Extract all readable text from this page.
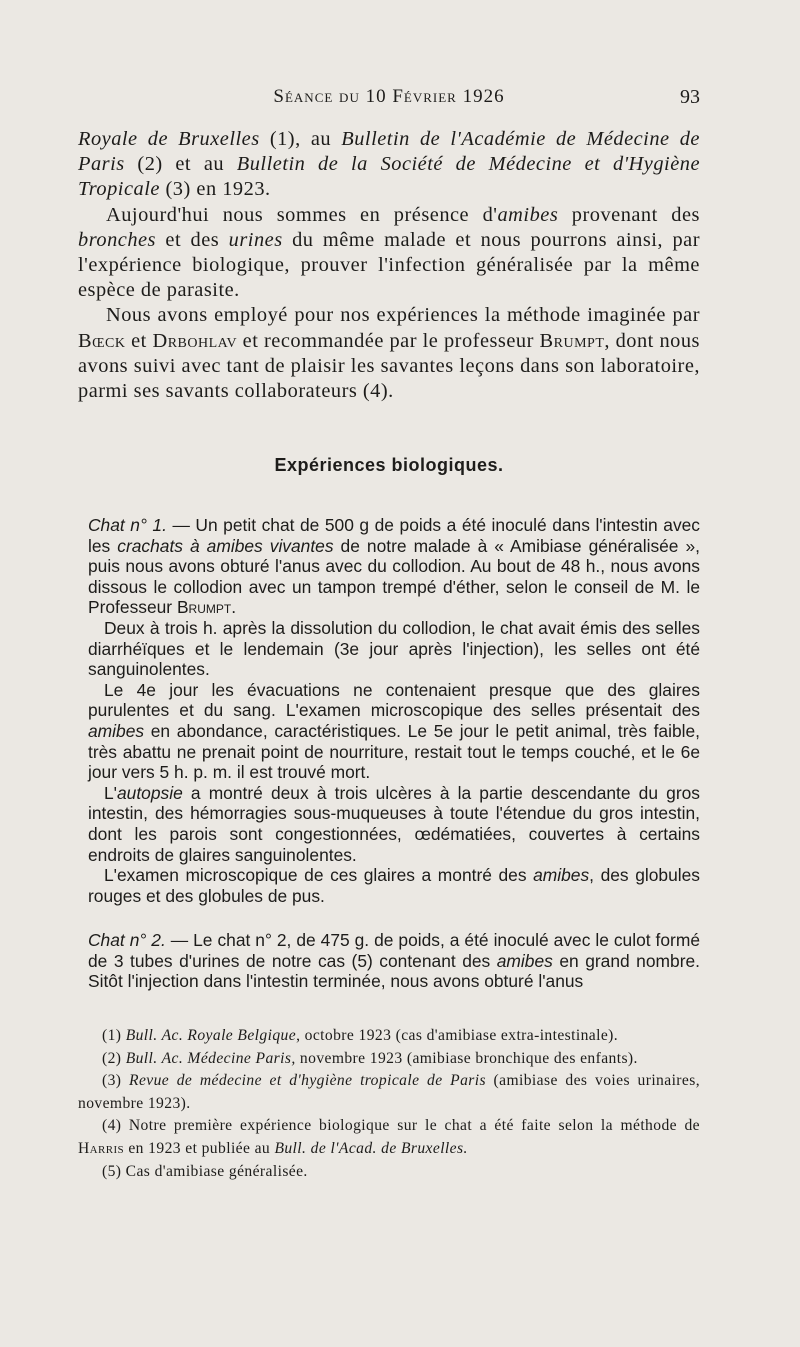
Séance du 10 Février 1926	93

Royale de Bruxelles (1), au Bulletin de l'Académie de Médecine de Paris (2) et au Bulletin de la Société de Médecine et d'Hygiène Tropicale (3) en 1923.

Aujourd'hui nous sommes en présence d'amibes provenant des bronches et des urines du même malade et nous pourrons ainsi, par l'expérience biologique, prouver l'infection généralisée par la même espèce de parasite.

Nous avons employé pour nos expériences la méthode imaginée par Bœck et Drbohlav et recommandée par le professeur Brumpt, dont nous avons suivi avec tant de plaisir les savantes leçons dans son laboratoire, parmi ses savants collaborateurs (4).

Expériences biologiques.

Chat n° 1. — Un petit chat de 500 g de poids a été inoculé dans l'intestin avec les crachats à amibes vivantes de notre malade à « Amibiase généralisée », puis nous avons obturé l'anus avec du collodion. Au bout de 48 h., nous avons dissous le collodion avec un tampon trempé d'éther, selon le conseil de M. le Professeur Brumpt.

Deux à trois h. après la dissolution du collodion, le chat avait émis des selles diarrhéïques et le lendemain (3e jour après l'injection), les selles ont été sanguinolentes.

Le 4e jour les évacuations ne contenaient presque que des glaires purulentes et du sang. L'examen microscopique des selles présentait des amibes en abondance, caractéristiques. Le 5e jour le petit animal, très faible, très abattu ne prenait point de nourriture, restait tout le temps couché, et le 6e jour vers 5 h. p. m. il est trouvé mort.

L'autopsie a montré deux à trois ulcères à la partie descendante du gros intestin, des hémorragies sous-muqueuses à toute l'étendue du gros intestin, dont les parois sont congestionnées, œdématiées, couvertes à certains endroits de glaires sanguinolentes.

L'examen microscopique de ces glaires a montré des amibes, des globules rouges et des globules de pus.

Chat n° 2. — Le chat n° 2, de 475 g. de poids, a été inoculé avec le culot formé de 3 tubes d'urines de notre cas (5) contenant des amibes en grand nombre. Sitôt l'injection dans l'intestin terminée, nous avons obturé l'anus

(1) Bull. Ac. Royale Belgique, octobre 1923 (cas d'amibiase extra-intestinale).

(2) Bull. Ac. Médecine Paris, novembre 1923 (amibiase bronchique des enfants).

(3) Revue de médecine et d'hygiène tropicale de Paris (amibiase des voies urinaires, novembre 1923).

(4) Notre première expérience biologique sur le chat a été faite selon la méthode de Harris en 1923 et publiée au Bull. de l'Acad. de Bruxelles.

(5) Cas d'amibiase généralisée.
